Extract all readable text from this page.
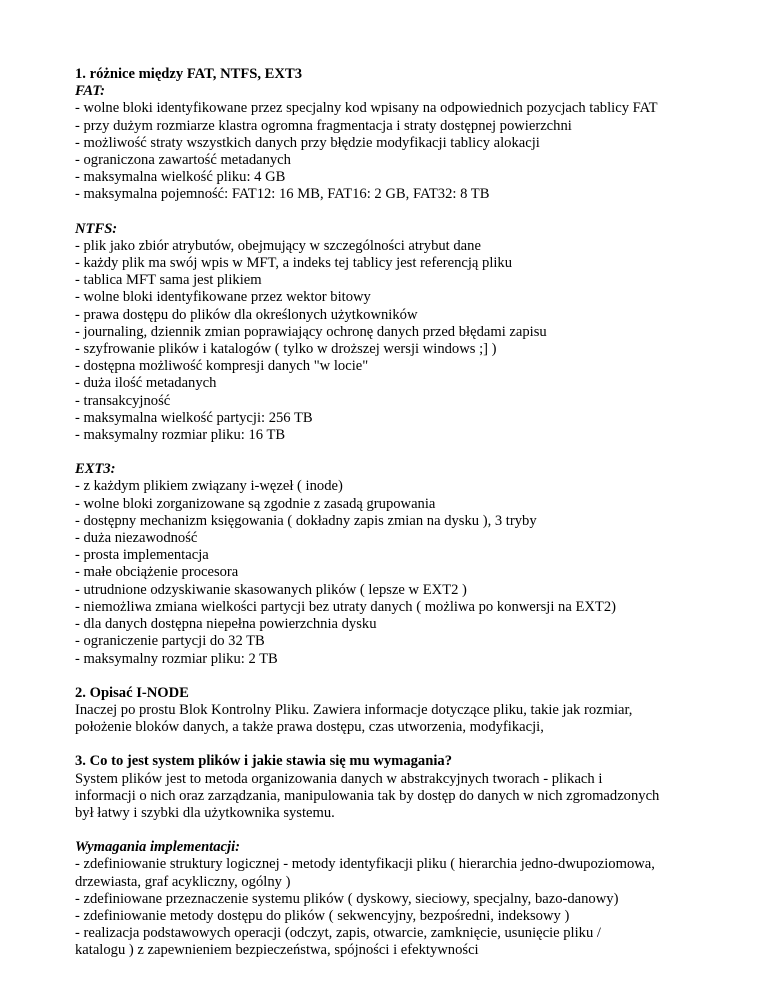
1. różnice między FAT, NTFS, EXT3
FAT:
- wolne bloki identyfikowane przez specjalny kod wpisany na odpowiednich pozycjach tablicy FAT
- przy dużym rozmiarze klastra ogromna fragmentacja i straty dostępnej powierzchni
- możliwość straty wszystkich danych przy błędzie modyfikacji tablicy alokacji
- ograniczona zawartość metadanych
- maksymalna wielkość pliku: 4 GB
- maksymalna pojemność: FAT12: 16 MB, FAT16: 2 GB, FAT32: 8 TB
NTFS:
- plik jako zbiór atrybutów, obejmujący w szczególności atrybut dane
- każdy plik ma swój wpis w MFT, a indeks tej tablicy jest referencją pliku
- tablica MFT sama jest plikiem
- wolne bloki identyfikowane przez wektor bitowy
- prawa dostępu do plików dla określonych użytkowników
- journaling, dziennik zmian poprawiający ochronę danych przed błędami zapisu
- szyfrowanie plików i katalogów ( tylko w droższej wersji windows ;] )
- dostępna możliwość kompresji danych "w locie"
- duża ilość metadanych
- transakcyjność
- maksymalna wielkość partycji: 256 TB
- maksymalny rozmiar pliku: 16 TB
EXT3:
- z każdym plikiem związany i-węzeł ( inode)
- wolne bloki zorganizowane są zgodnie z zasadą grupowania
- dostępny mechanizm księgowania ( dokładny zapis zmian na dysku ), 3 tryby
- duża niezawodność
- prosta implementacja
- małe obciążenie procesora
- utrudnione odzyskiwanie skasowanych plików ( lepsze w EXT2 )
- niemożliwa zmiana wielkości partycji bez utraty danych ( możliwa po konwersji na EXT2)
- dla danych dostępna niepełna powierzchnia dysku
- ograniczenie partycji do 32 TB
- maksymalny rozmiar pliku: 2 TB
2. Opisać I-NODE
Inaczej po prostu Blok Kontrolny Pliku. Zawiera informacje dotyczące pliku, takie jak rozmiar,
położenie bloków danych, a także prawa dostępu, czas utworzenia, modyfikacji,
3. Co to jest system plików i jakie stawia się mu wymagania?
System plików jest to metoda organizowania danych w abstrakcyjnych tworach - plikach i
informacji o nich oraz zarządzania, manipulowania tak by dostęp do danych w nich zgromadzonych
był łatwy i szybki dla użytkownika systemu.
Wymagania implementacji:
- zdefiniowanie struktury logicznej - metody identyfikacji pliku ( hierarchia jedno-dwupoziomowa,
drzewiasta, graf acykliczny, ogólny )
- zdefiniowane przeznaczenie systemu plików ( dyskowy, sieciowy, specjalny, bazo-danowy)
- zdefiniowanie metody dostępu do plików ( sekwencyjny, bezpośredni, indeksowy )
- realizacja podstawowych operacji (odczyt, zapis, otwarcie, zamknięcie, usunięcie pliku /
katalogu ) z zapewnieniem bezpieczeństwa, spójności i efektywności
